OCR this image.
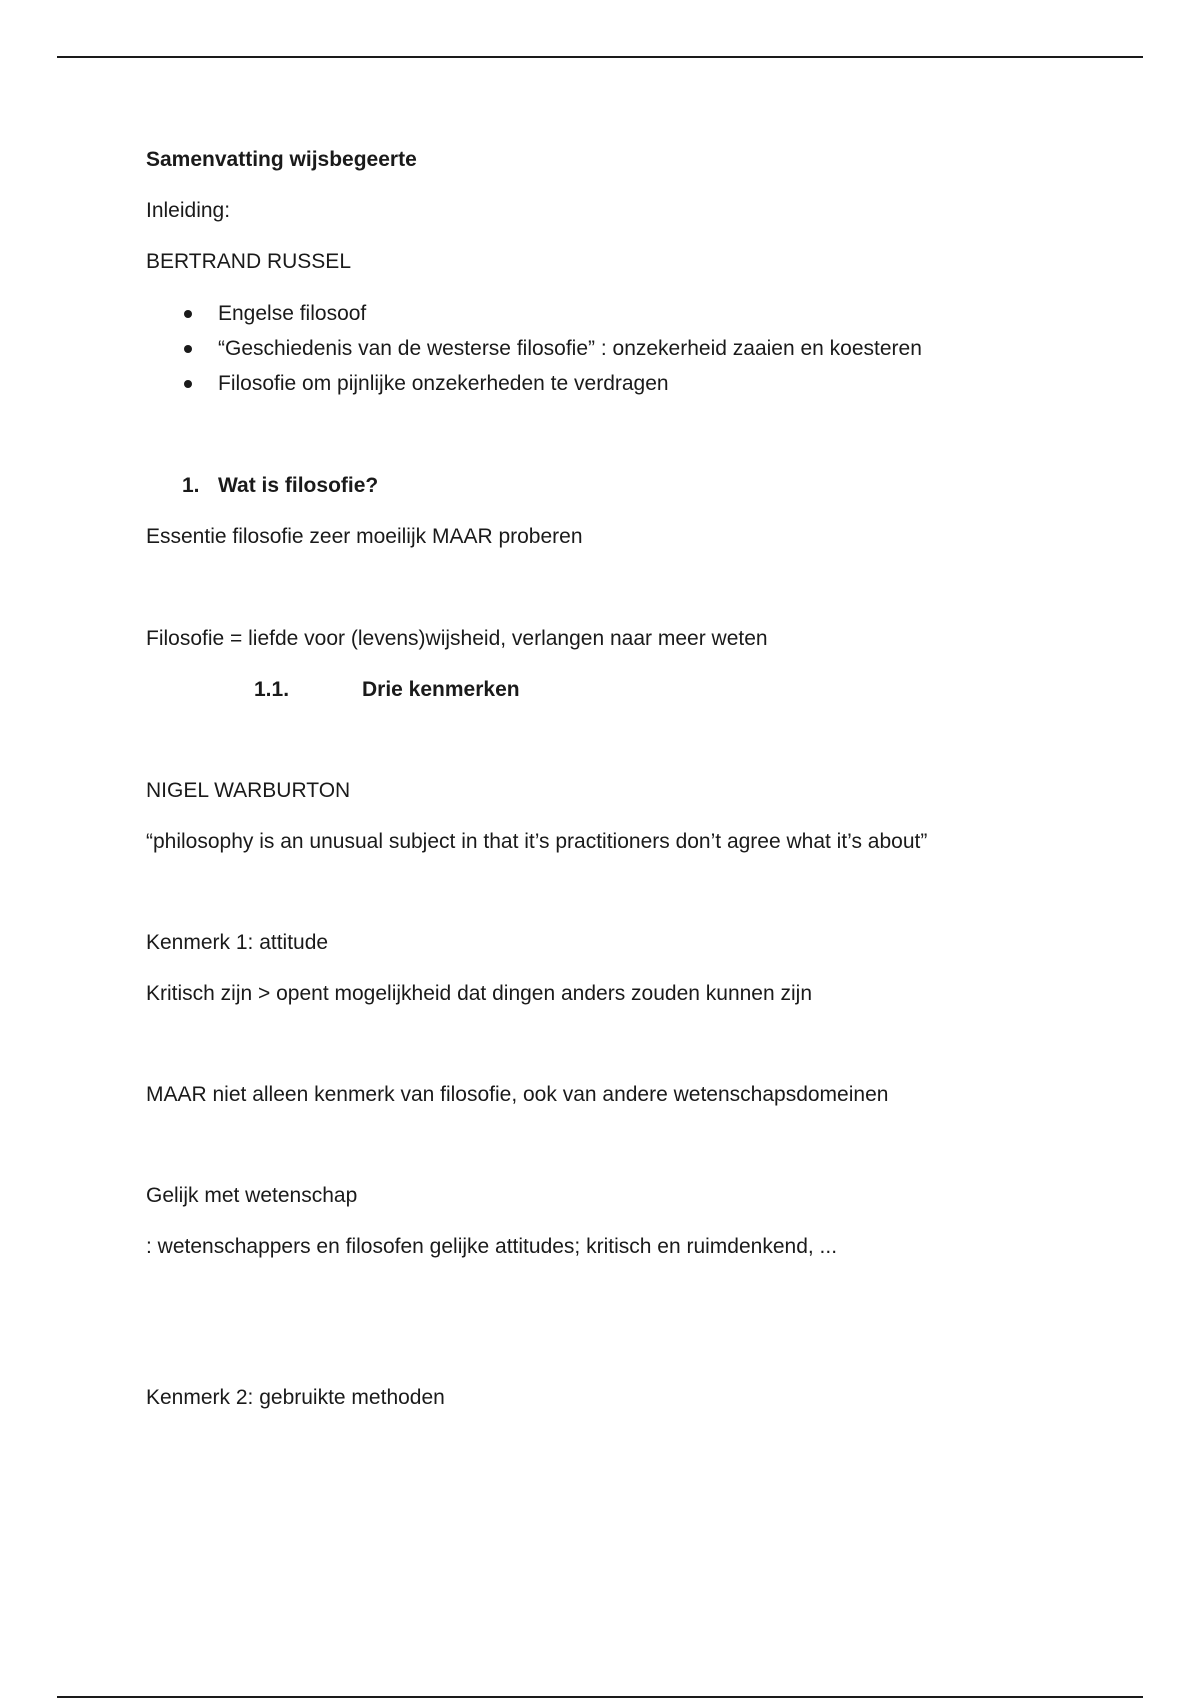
Samenvatting wijsbegeerte
Inleiding:
BERTRAND RUSSEL
Engelse filosoof
“Geschiedenis van de westerse filosofie” : onzekerheid zaaien en koesteren
Filosofie om pijnlijke onzekerheden te verdragen
1. Wat is filosofie?
Essentie filosofie zeer moeilijk MAAR proberen
Filosofie = liefde voor (levens)wijsheid, verlangen naar meer weten
1.1.	Drie kenmerken
NIGEL WARBURTON
“philosophy is an unusual subject in that it’s practitioners don’t agree what it’s about”
Kenmerk 1: attitude
Kritisch zijn > opent mogelijkheid dat dingen anders zouden kunnen zijn
MAAR niet alleen kenmerk van filosofie, ook van andere wetenschapsdomeinen
Gelijk met wetenschap
: wetenschappers en filosofen gelijke attitudes; kritisch en ruimdenkend, ...
Kenmerk 2: gebruikte methoden
